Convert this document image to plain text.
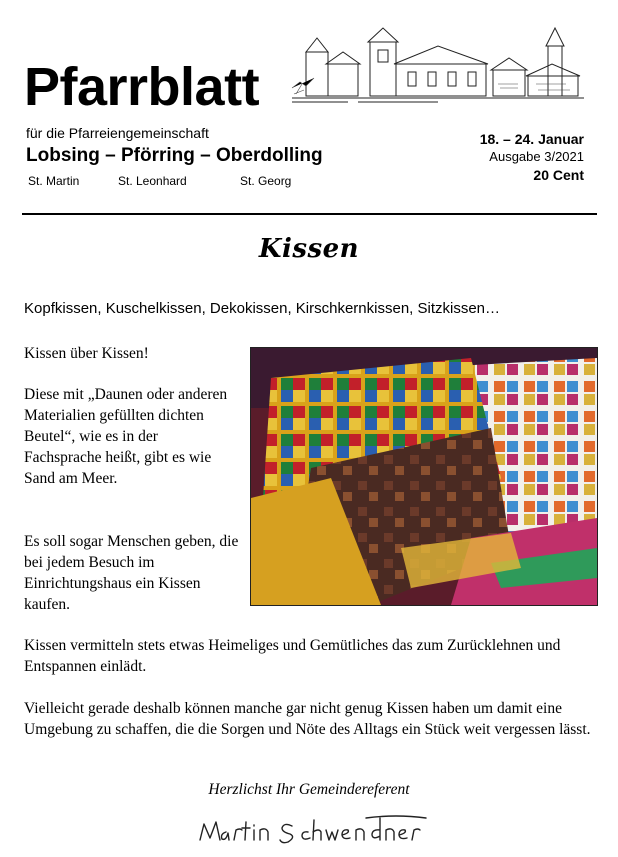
Pfarrblatt
für die Pfarreiengemeinschaft
Lobsing – Pförring – Oberdolling
St. Martin	St. Leonhard	St. Georg
18. – 24. Januar
Ausgabe 3/2021
20 Cent
Kissen
Kopfkissen, Kuschelkissen, Dekokissen, Kirschkernkissen, Sitzkissen…
Kissen über Kissen!
Diese mit „Daunen oder anderen Materialien gefüllten dichten Beutel“, wie es in der Fachsprache heißt, gibt es wie Sand am Meer.
Es soll sogar Menschen geben, die bei jedem Besuch im Einrichtungshaus ein Kissen kaufen.
Kissen vermitteln stets etwas Heimeliges und Gemütliches das zum Zurücklehnen und Entspannen einlädt.
Vielleicht gerade deshalb können manche gar nicht genug Kissen haben um damit eine Umgebung zu schaffen, die die Sorgen und Nöte des Alltags ein Stück weit vergessen lässt.
Herzlichst Ihr Gemeindereferent
